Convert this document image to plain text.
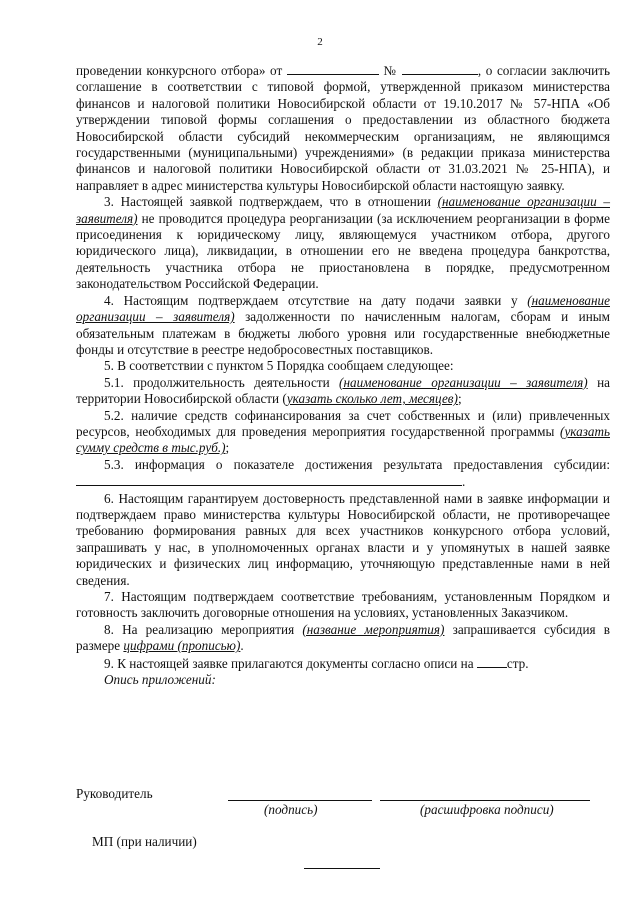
2

проведении конкурсного отбора» от	№	, о согласии заключить соглашение в соответствии с типовой формой, утвержденной приказом министерства финансов и налоговой политики Новосибирской области от 19.10.2017 № 57-НПА «Об утверждении типовой формы соглашения о предоставлении из областного бюджета Новосибирской области субсидий некоммерческим организациям, не являющимся государственными (муниципальными) учреждениями» (в редакции приказа министерства финансов и налоговой политики Новосибирской области от 31.03.2021 № 25-НПА), и направляет в адрес министерства культуры Новосибирской области настоящую заявку.

3. Настоящей заявкой подтверждаем, что в отношении (наименование организации – заявителя) не проводится процедура реорганизации (за исключением реорганизации в форме присоединения к юридическому лицу, являющемуся участником отбора, другого юридического лица), ликвидации, в отношении его не введена процедура банкротства, деятельность участника отбора не приостановлена в порядке, предусмотренном законодательством Российской Федерации.

4. Настоящим подтверждаем отсутствие на дату подачи заявки у (наименование организации – заявителя) задолженности по начисленным налогам, сборам и иным обязательным платежам в бюджеты любого уровня или государственные внебюджетные фонды и отсутствие в реестре недобросовестных поставщиков.

5. В соответствии с пунктом 5 Порядка сообщаем следующее:

5.1. продолжительность деятельности (наименование организации – заявителя) на территории Новосибирской области (указать сколько лет, месяцев);

5.2. наличие средств софинансирования за счет собственных и (или) привлеченных ресурсов, необходимых для проведения мероприятия государственной программы (указать сумму средств в тыс.руб.);

5.3. информация о показателе достижения результата предоставления субсидии: .

6. Настоящим гарантируем достоверность представленной нами в заявке информации и подтверждаем право министерства культуры Новосибирской области, не противоречащее требованию формирования равных для всех участников конкурсного отбора условий, запрашивать у нас, в уполномоченных органах власти и у упомянутых в нашей заявке юридических и физических лиц информацию, уточняющую представленные нами в ней сведения.

7. Настоящим подтверждаем соответствие требованиям, установленным Порядком и готовность заключить договорные отношения на условиях, установленных Заказчиком.

8. На реализацию мероприятия (название мероприятия) запрашивается субсидия в размере цифрами (прописью).

9. К настоящей заявке прилагаются документы согласно описи на стр.

Опись приложений:

Руководитель
(подпись)	(расшифровка подписи)
МП (при наличии)
